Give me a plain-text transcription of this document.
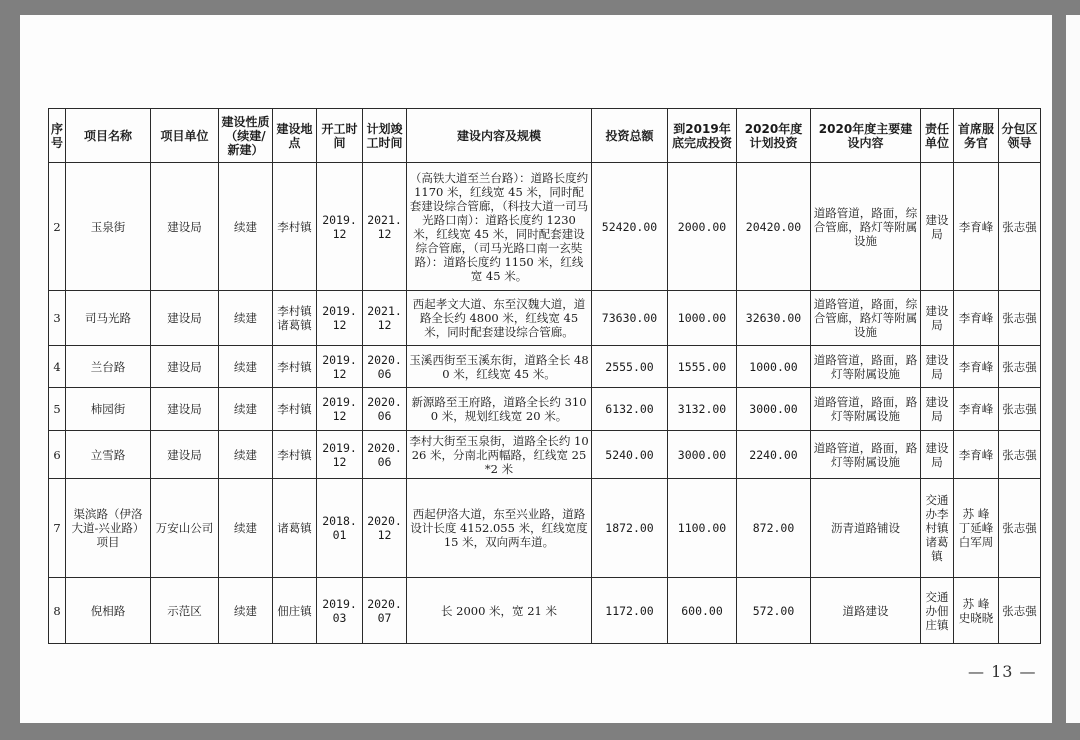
序号	项目名称	项目单位	建设性质（续建/新建）	建设地点	开工时间	计划竣工时间	建设内容及规模	投资总额	到2019年底完成投资	2020年度计划投资	2020年度主要建设内容	责任单位	首席服务官	分包区领导
2	玉泉街	建设局	续建	李村镇	2019.12	2021.12	（高铁大道至兰台路）：道路长度约 1170 米，红线宽 45 米，同时配套建设综合管廊，（科技大道一司马光路口南）：道路长度约 1230 米，红线宽 45 米，同时配套建设综合管廊，（司马光路口南一玄奘路）：道路长度约 1150 米，红线宽 45 米。	52420.00	2000.00	20420.00	道路管道，路面，综合管廊，路灯等附属设施	建设局	李育峰	张志强
3	司马光路	建设局	续建	李村镇诸葛镇	2019.12	2021.12	西起孝文大道、东至汉魏大道，道路全长约 4800 米，红线宽 45 米，同时配套建设综合管廊。	73630.00	1000.00	32630.00	道路管道，路面，综合管廊，路灯等附属设施	建设局	李育峰	张志强
4	兰台路	建设局	续建	李村镇	2019.12	2020.06	玉溪西街至玉溪东街，道路全长 480 米，红线宽 45 米。	2555.00	1555.00	1000.00	道路管道，路面，路灯等附属设施	建设局	李育峰	张志强
5	柿园街	建设局	续建	李村镇	2019.12	2020.06	新源路至王府路，道路全长约 3100 米，规划红线宽 20 米。	6132.00	3132.00	3000.00	道路管道，路面，路灯等附属设施	建设局	李育峰	张志强
6	立雪路	建设局	续建	李村镇	2019.12	2020.06	李村大街至玉泉街，道路全长约 1026 米，分南北两幅路，红线宽 25*2 米	5240.00	3000.00	2240.00	道路管道，路面，路灯等附属设施	建设局	李育峰	张志强
7	渠滨路（伊洛大道-兴业路）项目	万安山公司	续建	诸葛镇	2018.01	2020.12	西起伊洛大道，东至兴业路，道路设计长度 4152.055 米，红线宽度 15 米，双向两车道。	1872.00	1100.00	872.00	沥青道路铺设	交通办李村镇诸葛镇	苏 峰 丁延峰 白军周	张志强
8	倪相路	示范区	续建	佃庄镇	2019.03	2020.07	长 2000 米，宽 21 米	1172.00	600.00	572.00	道路建设	交通办佃庄镇	苏 峰 史晓晓	张志强
— 13 —
